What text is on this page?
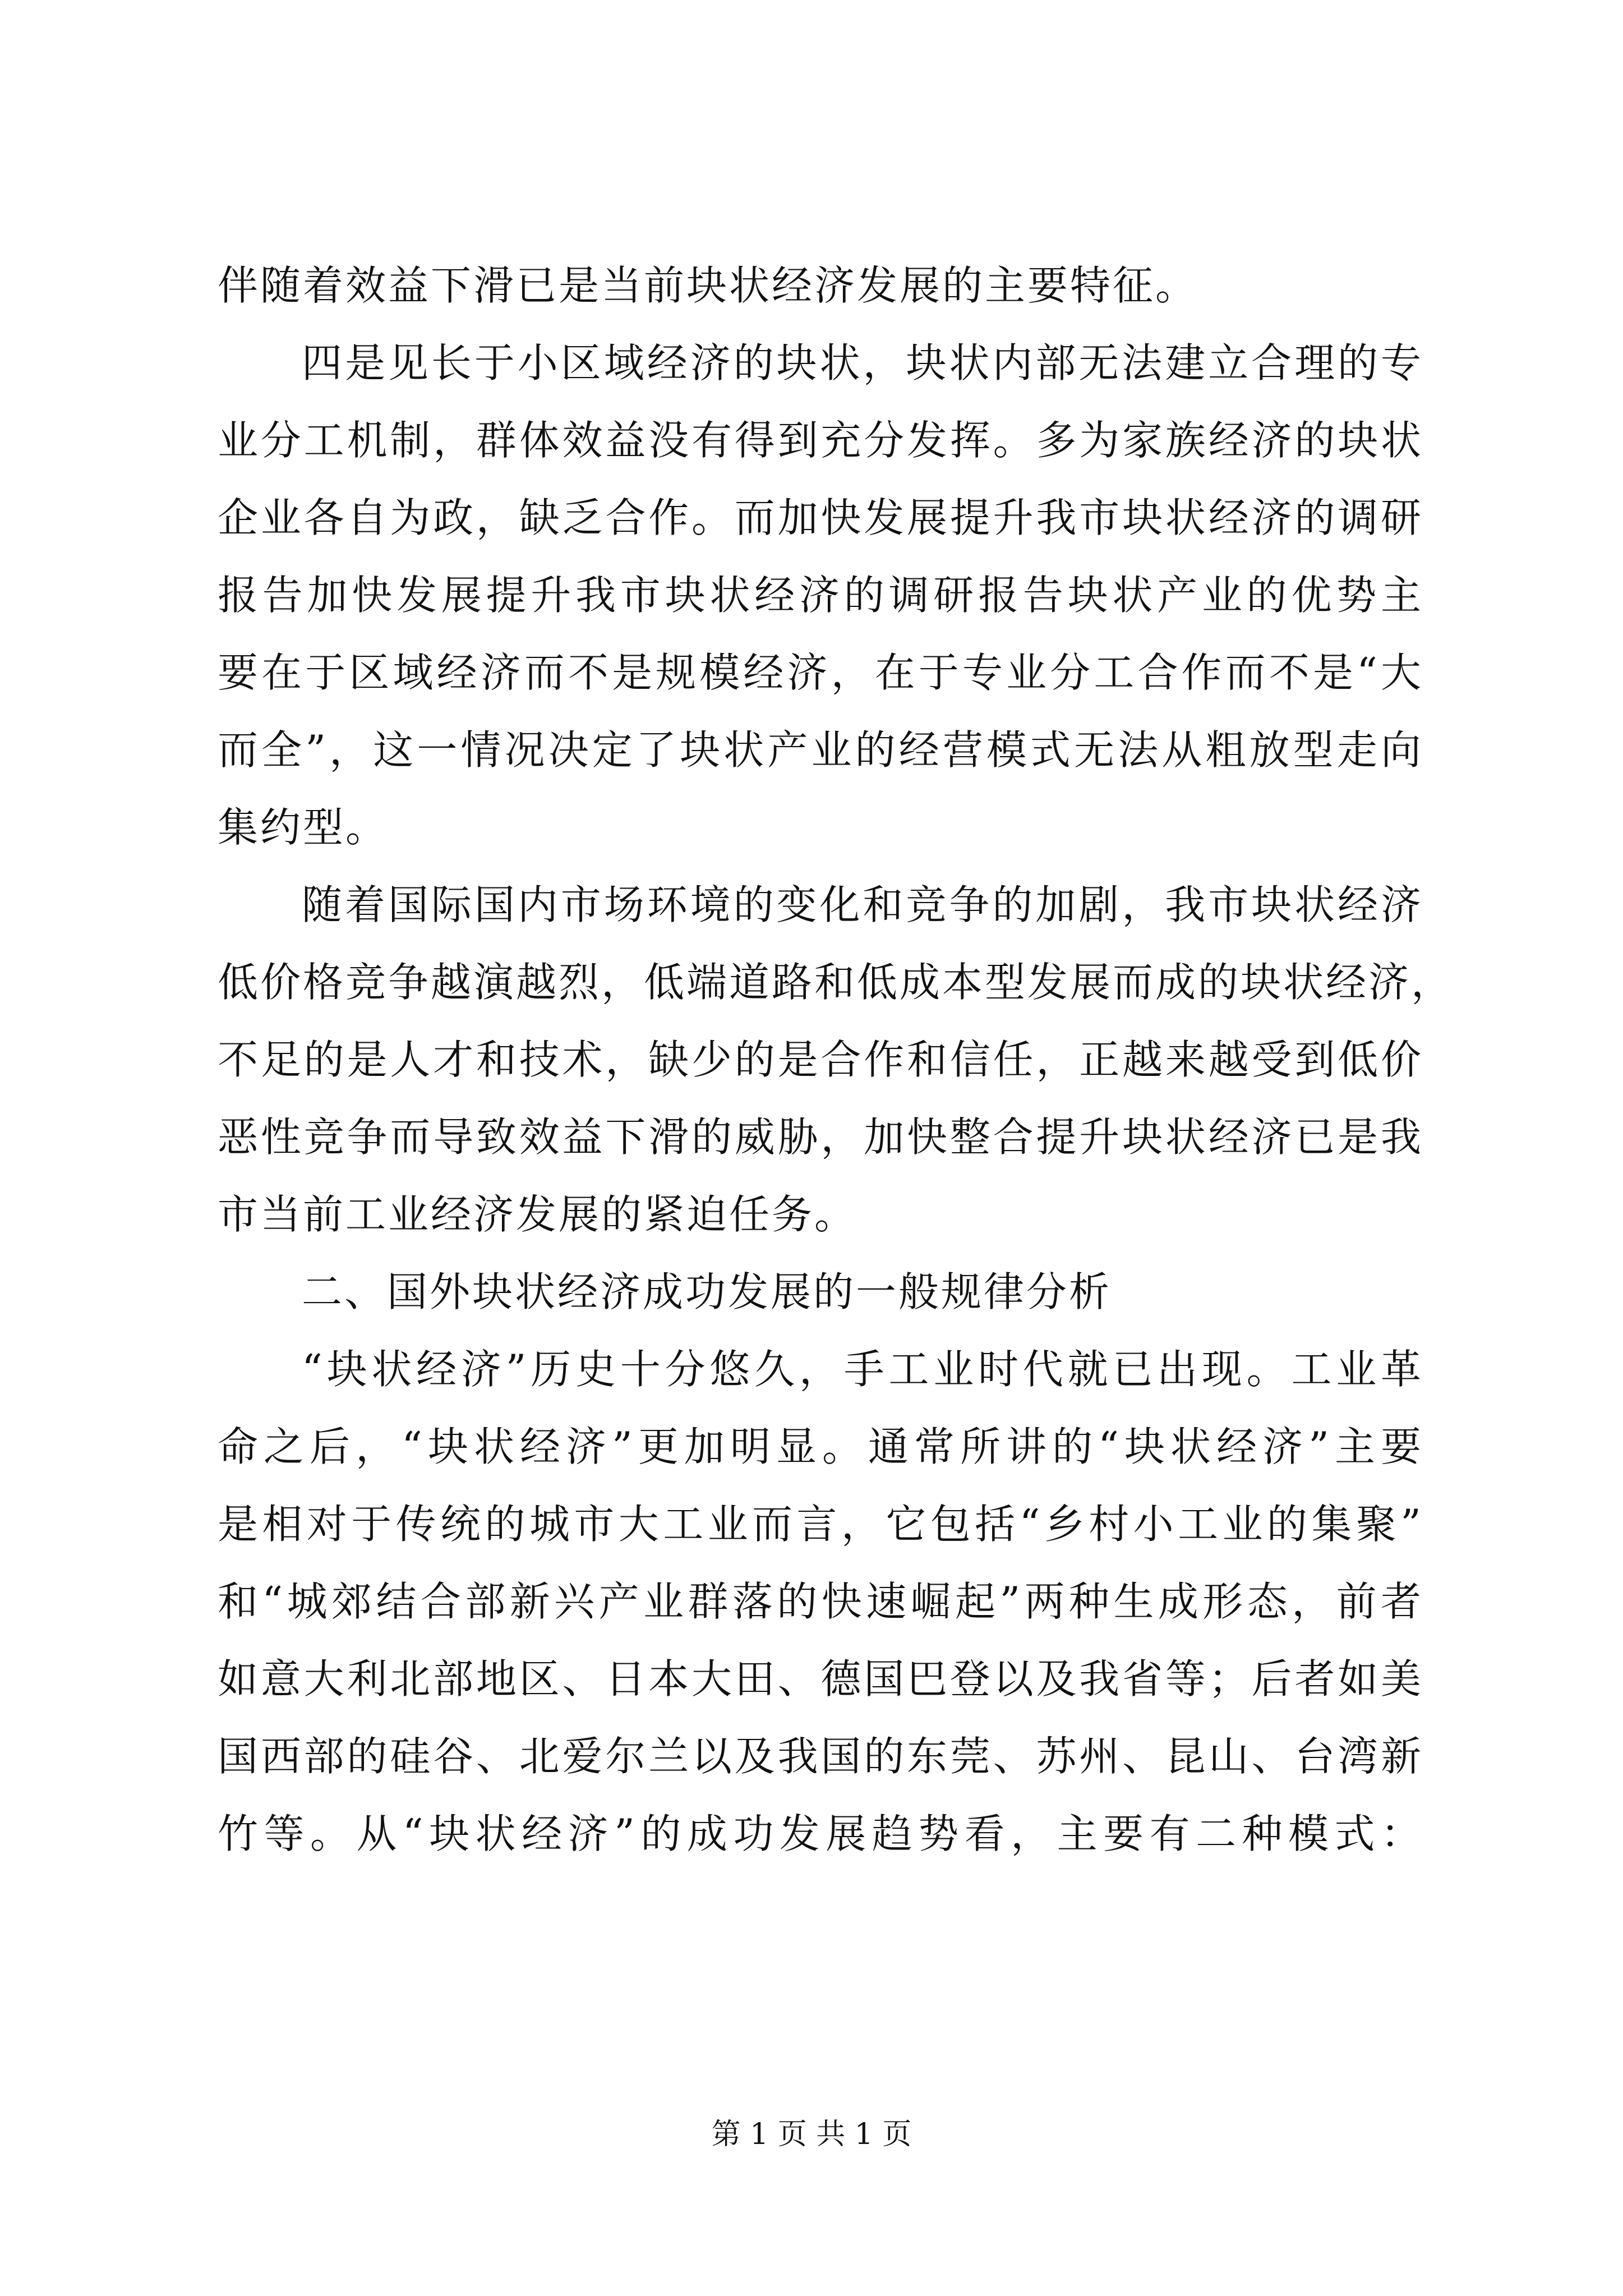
伴随着效益下滑已是当前块状经济发展的主要特征。
四是见长于小区域经济的块状，块状内部无法建立合理的专
业分工机制，群体效益没有得到充分发挥。多为家族经济的块状
企业各自为政，缺乏合作。而加快发展提升我市块状经济的调研
报告加快发展提升我市块状经济的调研报告块状产业的优势主
要在于区域经济而不是规模经济，在于专业分工合作而不是“大
而全”，这一情况决定了块状产业的经营模式无法从粗放型走向
集约型。
随着国际国内市场环境的变化和竞争的加剧，我市块状经济
低价格竞争越演越烈，低端道路和低成本型发展而成的块状经济，
不足的是人才和技术，缺少的是合作和信任，正越来越受到低价
恶性竞争而导致效益下滑的威胁，加快整合提升块状经济已是我
市当前工业经济发展的紧迫任务。
二、国外块状经济成功发展的一般规律分析
“块状经济”历史十分悠久，手工业时代就已出现。工业革
命之后，“块状经济”更加明显。通常所讲的“块状经济”主要
是相对于传统的城市大工业而言，它包括“乡村小工业的集聚”
和“城郊结合部新兴产业群落的快速崛起”两种生成形态，前者
如意大利北部地区、日本大田、德国巴登以及我省等；后者如美
国西部的硅谷、北爱尔兰以及我国的东莞、苏州、昆山、台湾新
竹等。从“块状经济”的成功发展趋势看，主要有二种模式：
第 1 页 共 1 页
